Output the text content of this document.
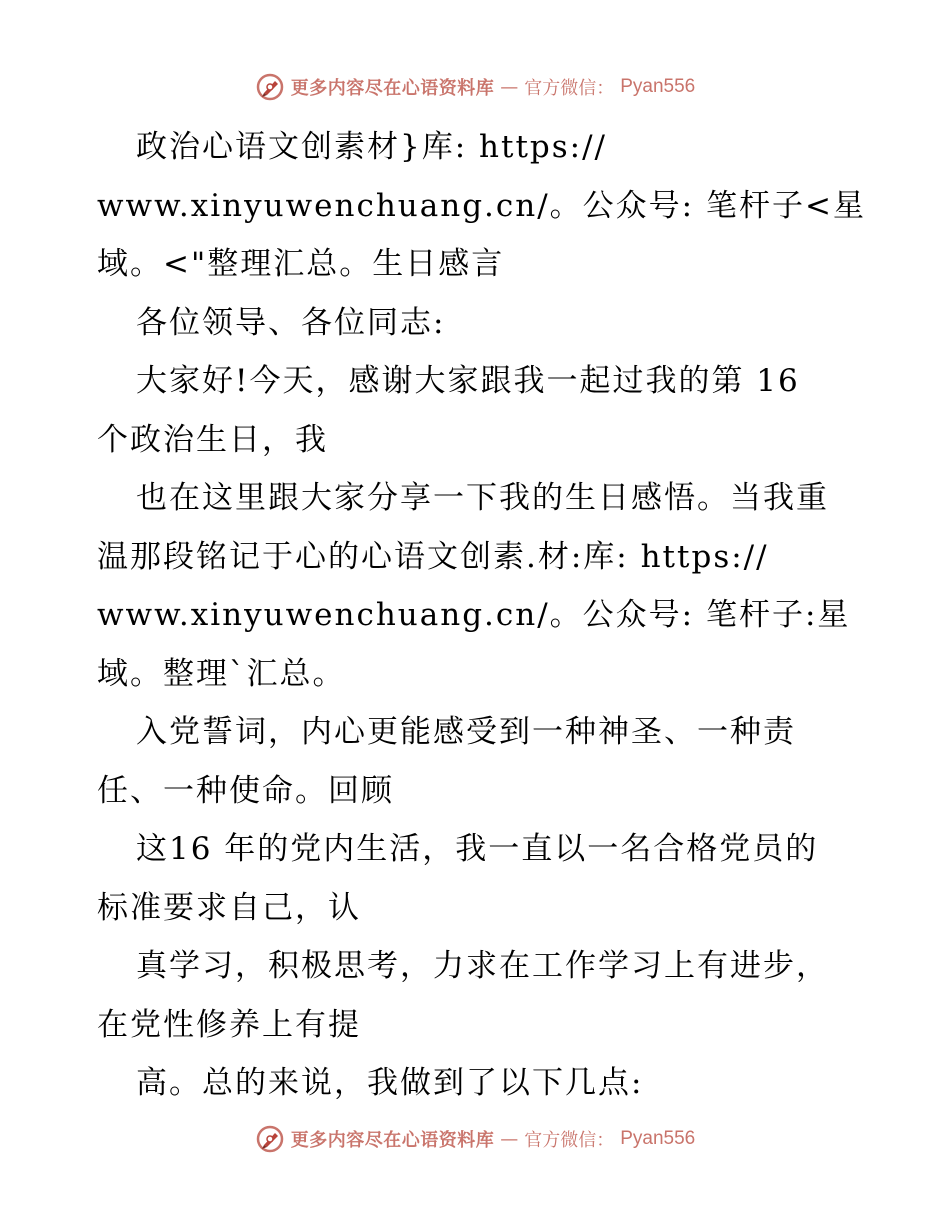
更多内容尽在心语资料库 — 官方微信： Pyan556
政治心语文创素材}库: https://
www.xinyuwenchuang.cn/。公众号: 笔杆子<星
域。<"整理汇总。生日感言
各位领导、各位同志:
大家好!今天，感谢大家跟我一起过我的第 16
个政治生日，我
也在这里跟大家分享一下我的生日感悟。当我重
温那段铭记于心的心语文创素.材:库: https://
www.xinyuwenchuang.cn/。公众号: 笔杆子:星
域。整理`汇总。
入党誓词，内心更能感受到一种神圣、一种责
任、一种使命。回顾
这16 年的党内生活，我一直以一名合格党员的
标准要求自己，认
真学习，积极思考，力求在工作学习上有进步，
在党性修养上有提
高。总的来说，我做到了以下几点:
更多内容尽在心语资料库 — 官方微信： Pyan556
